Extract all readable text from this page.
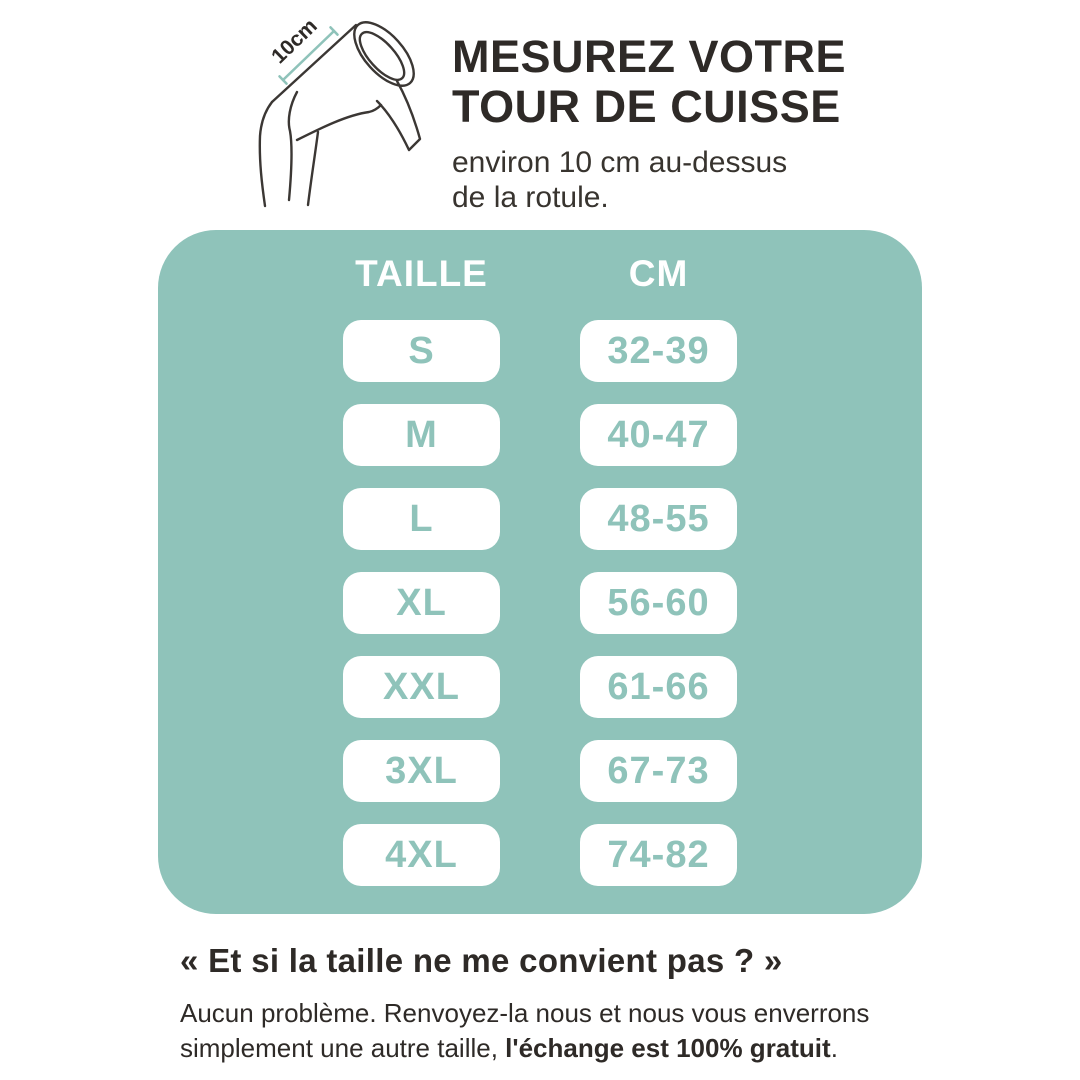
10cm	MESUREZ VOTRE
TOUR DE CUISSE

environ 10 cm au-dessus
de la rotule.

TAILLE	CM
S	32-39
M	40-47
L	48-55
XL	56-60
XXL	61-66
3XL	67-73
4XL	74-82
« Et si la taille ne me convient pas ? »

Aucun problème. Renvoyez-la nous et nous vous enverrons simplement une autre taille, l'échange est 100% gratuit.
